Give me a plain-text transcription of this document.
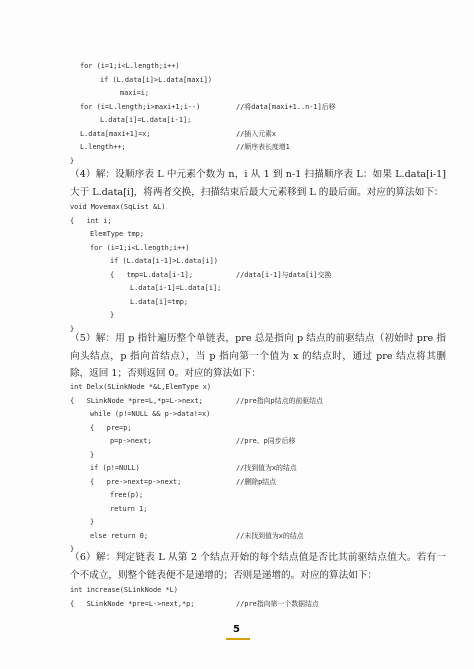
for (i=1;i<L.length;i++)
if (L.data[i]>L.data[maxi])
maxi=i;
for (i=L.length;i>maxi+1;i--)	//将data[maxi+1..n-1]后移
L.data[i]=L.data[i-1];
L.data[maxi+1]=x;	//插入元素x
L.length++;	//顺序表长度增1
}
（4）解：设顺序表 L 中元素个数为 n，i 从 1 到 n-1 扫描顺序表 L：如果 L.data[i-1] 大于 L.data[i]，将两者交换，扫描结束后最大元素移到 L 的最后面。对应的算法如下：
void Movemax(SqList &L)
{   int i;
ElemType tmp;
for (i=1;i<L.length;i++)
if (L.data[i-1]>L.data[i])
{   tmp=L.data[i-1];	//data[i-1]与data[i]交换
L.data[i-1]=L.data[i];
L.data[i]=tmp;
}
}
（5）解：用 p 指针遍历整个单链表，pre 总是指向 p 结点的前驱结点（初始时 pre 指向头结点，p 指向首结点），当 p 指向第一个值为 x 的结点时，通过 pre 结点将其删除，返回 1；否则返回 0。对应的算法如下：
int Delx(SLinkNode *&L,ElemType x)
{   SLinkNode *pre=L,*p=L->next;	//pre指向p结点的前驱结点
while (p!=NULL && p->data!=x)
{   pre=p;
p=p->next;	//pre、p同步后移
}
if (p!=NULL)	//找到值为x的结点
{   pre->next=p->next;	//删除p结点
free(p);
return 1;
}
else return 0;	//未找到值为x的结点
}
（6）解：判定链表 L 从第 2 个结点开始的每个结点值是否比其前驱结点值大。若有一个不成立，则整个链表便不是递增的；否则是递增的。对应的算法如下：
int increase(SLinkNode *L)
{   SLinkNode *pre=L->next,*p;	//pre指向第一个数据结点
5
